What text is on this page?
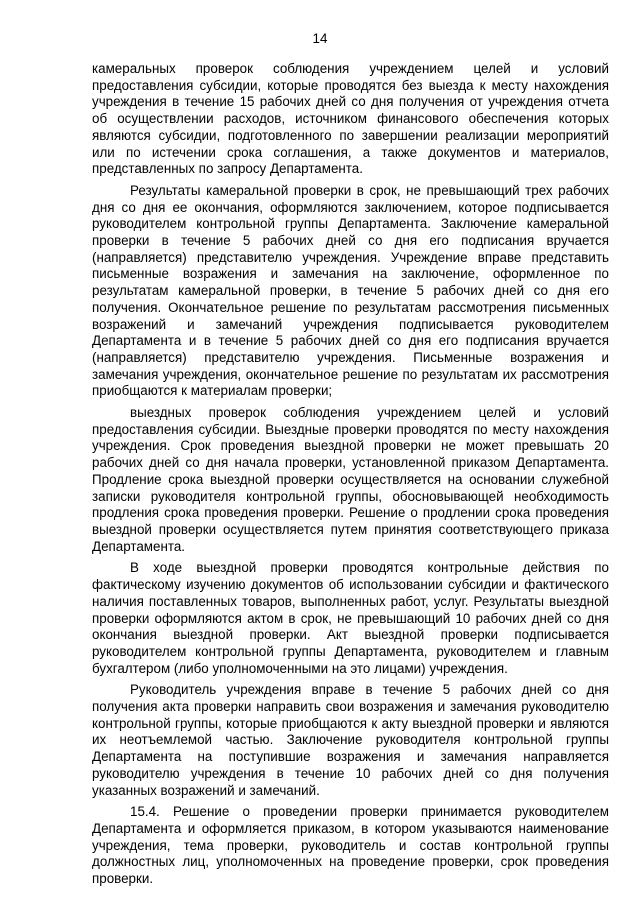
14

камеральных проверок соблюдения учреждением целей и условий предоставления субсидии, которые проводятся без выезда к месту нахождения учреждения в течение 15 рабочих дней со дня получения от учреждения отчета об осуществлении расходов, источником финансового обеспечения которых являются субсидии, подготовленного по завершении реализации мероприятий или по истечении срока соглашения, а также документов и материалов, представленных по запросу Департамента.

Результаты камеральной проверки в срок, не превышающий трех рабочих дня со дня ее окончания, оформляются заключением, которое подписывается руководителем контрольной группы Департамента. Заключение камеральной проверки в течение 5 рабочих дней со дня его подписания вручается (направляется) представителю учреждения. Учреждение вправе представить письменные возражения и замечания на заключение, оформленное по результатам камеральной проверки, в течение 5 рабочих дней со дня его получения. Окончательное решение по результатам рассмотрения письменных возражений и замечаний учреждения подписывается руководителем Департамента и в течение 5 рабочих дней со дня его подписания вручается (направляется) представителю учреждения. Письменные возражения и замечания учреждения, окончательное решение по результатам их рассмотрения приобщаются к материалам проверки;

выездных проверок соблюдения учреждением целей и условий предоставления субсидии. Выездные проверки проводятся по месту нахождения учреждения. Срок проведения выездной проверки не может превышать 20 рабочих дней со дня начала проверки, установленной приказом Департамента. Продление срока выездной проверки осуществляется на основании служебной записки руководителя контрольной группы, обосновывающей необходимость продления срока проведения проверки. Решение о продлении срока проведения выездной проверки осуществляется путем принятия соответствующего приказа Департамента.

В ходе выездной проверки проводятся контрольные действия по фактическому изучению документов об использовании субсидии и фактического наличия поставленных товаров, выполненных работ, услуг. Результаты выездной проверки оформляются актом в срок, не превышающий 10 рабочих дней со дня окончания выездной проверки. Акт выездной проверки подписывается руководителем контрольной группы Департамента, руководителем и главным бухгалтером (либо уполномоченными на это лицами) учреждения.

Руководитель учреждения вправе в течение 5 рабочих дней со дня получения акта проверки направить свои возражения и замечания руководителю контрольной группы, которые приобщаются к акту выездной проверки и являются их неотъемлемой частью. Заключение руководителя контрольной группы Департамента на поступившие возражения и замечания направляется руководителю учреждения в течение 10 рабочих дней со дня получения указанных возражений и замечаний.

15.4. Решение о проведении проверки принимается руководителем Департамента и оформляется приказом, в котором указываются наименование учреждения, тема проверки, руководитель и состав контрольной группы должностных лиц, уполномоченных на проведение проверки, срок проведения проверки.
